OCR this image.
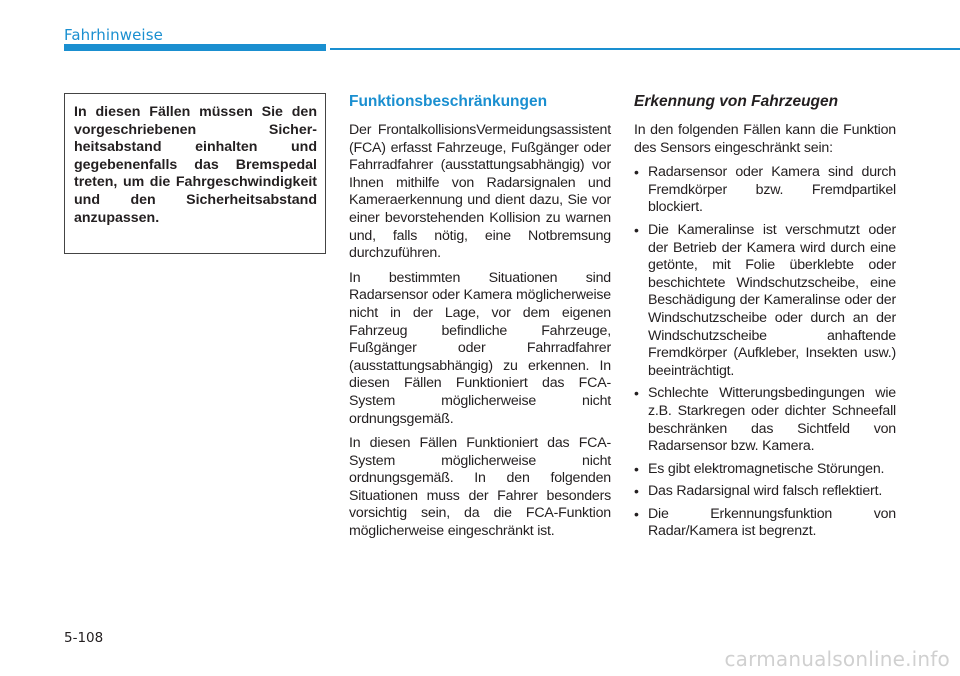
Fahrhinweise

In diesen Fällen müssen Sie den vorgeschriebenen Sicherheitsabstand einhalten und gegebenenfalls das Bremspedal treten, um die Fahrgeschwindigkeit und den Sicherheitsabstand anzupassen.

Funktionsbeschränkungen

Der FrontalkollisionsVermeidungsassistent (FCA) erfasst Fahrzeuge, Fußgänger oder Fahrradfahrer (ausstattungsabhängig) vor Ihnen mithilfe von Radarsignalen und Kameraerkennung und dient dazu, Sie vor einer bevorstehenden Kollision zu warnen und, falls nötig, eine Notbremsung durchzuführen.

In bestimmten Situationen sind Radarsensor oder Kamera möglicherweise nicht in der Lage, vor dem eigenen Fahrzeug befindliche Fahrzeuge, Fußgänger oder Fahrradfahrer (ausstattungsabhängig) zu erkennen. In diesen Fällen Funktioniert das FCA-System möglicherweise nicht ordnungsgemäß.

In diesen Fällen Funktioniert das FCA-System möglicherweise nicht ordnungsgemäß. In den folgenden Situationen muss der Fahrer besonders vorsichtig sein, da die FCA-Funktion möglicherweise eingeschränkt ist.

Erkennung von Fahrzeugen

In den folgenden Fällen kann die Funktion des Sensors eingeschränkt sein:

• Radarsensor oder Kamera sind durch Fremdkörper bzw. Fremdpartikel blockiert.
• Die Kameralinse ist verschmutzt oder der Betrieb der Kamera wird durch eine getönte, mit Folie überklebte oder beschichtete Windschutzscheibe, eine Beschädigung der Kameralinse oder der Windschutzscheibe oder durch an der Windschutzscheibe anhaftende Fremdkörper (Aufkleber, Insekten usw.) beeinträchtigt.
• Schlechte Witterungsbedingungen wie z.B. Starkregen oder dichter Schneefall beschränken das Sichtfeld von Radarsensor bzw. Kamera.
• Es gibt elektromagnetische Störungen.
• Das Radarsignal wird falsch reflektiert.
• Die Erkennungsfunktion von Radar/Kamera ist begrenzt.
5-108
carmanualsonline.info
